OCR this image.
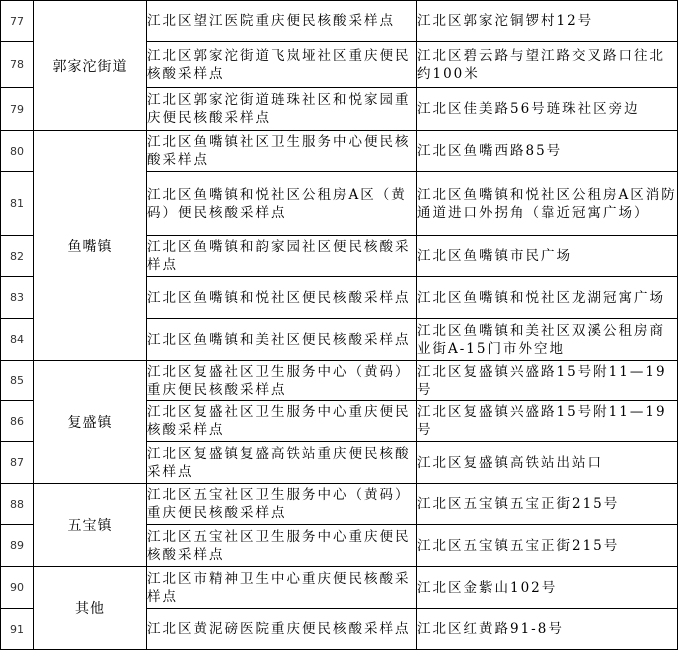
77	郭家沱街道	江北区望江医院重庆便民核酸采样点	江北区郭家沱铜锣村12号

78		江北区郭家沱街道飞岚垭社区重庆便民核酸采样点	江北区碧云路与望江路交叉路口往北约100米

79		江北区郭家沱街道琏珠社区和悦家园重庆便民核酸采样点	江北区佳美路56号琏珠社区旁边

80	鱼嘴镇	江北区鱼嘴镇社区卫生服务中心便民核酸采样点	江北区鱼嘴西路85号

81		江北区鱼嘴镇和悦社区公租房A区（黄码）便民核酸采样点	江北区鱼嘴镇和悦社区公租房A区消防通道进口外拐角（靠近冠寓广场）

82		江北区鱼嘴镇和韵家园社区便民核酸采样点	江北区鱼嘴镇市民广场

83		江北区鱼嘴镇和悦社区便民核酸采样点	江北区鱼嘴镇和悦社区龙湖冠寓广场

84		江北区鱼嘴镇和美社区便民核酸采样点	江北区鱼嘴镇和美社区双溪公租房商业街A-15门市外空地

85	复盛镇	江北区复盛社区卫生服务中心（黄码）重庆便民核酸采样点	江北区复盛镇兴盛路15号附11—19号

86		江北区复盛社区卫生服务中心重庆便民核酸采样点	江北区复盛镇兴盛路15号附11—19号

87		江北区复盛镇复盛高铁站重庆便民核酸采样点	江北区复盛镇高铁站出站口

88	五宝镇	江北区五宝社区卫生服务中心（黄码）重庆便民核酸采样点	江北区五宝镇五宝正街215号

89		江北区五宝社区卫生服务中心重庆便民核酸采样点	江北区五宝镇五宝正街215号

90	其他	江北区市精神卫生中心重庆便民核酸采样点	江北区金紫山102号

91		江北区黄泥磅医院重庆便民核酸采样点	江北区红黄路91-8号
